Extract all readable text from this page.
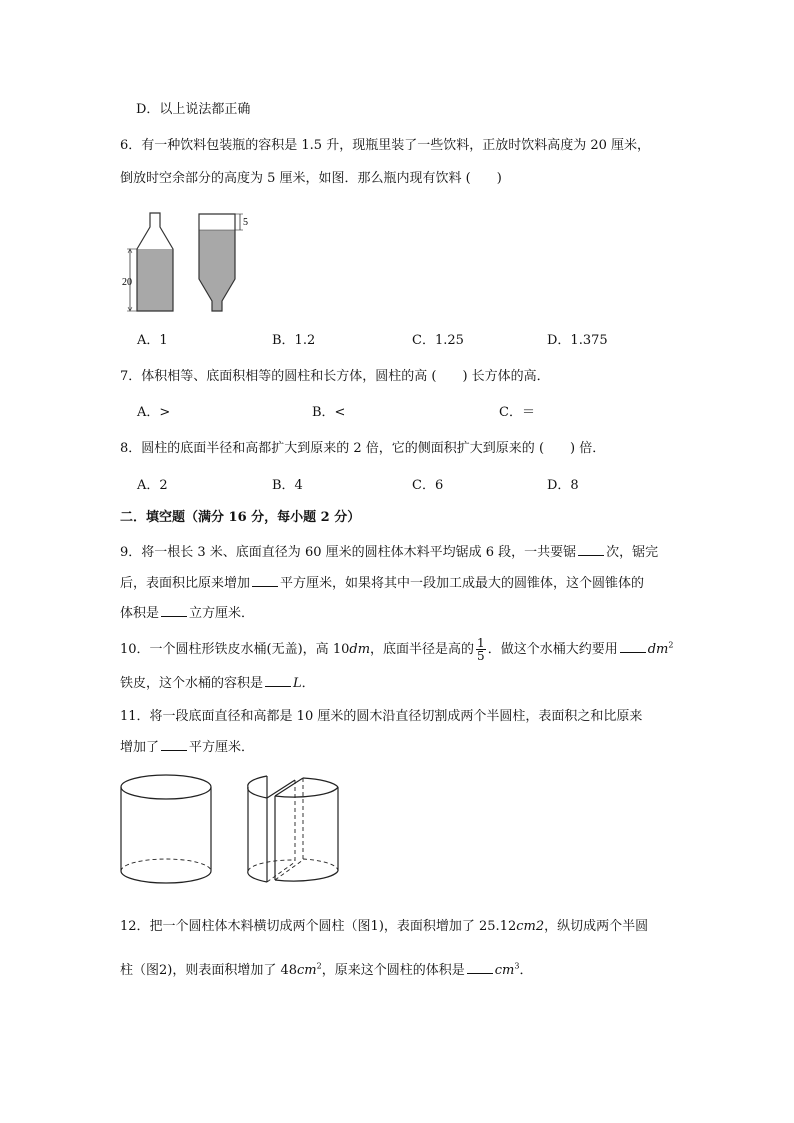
D．以上说法都正确
6．有一种饮料包装瓶的容积是 1.5 升，现瓶里装了一些饮料，正放时饮料高度为 20 厘米，
倒放时空余部分的高度为 5 厘米，如图．那么瓶内现有饮料 (　　)
20
5
A．1	B．1.2	C．1.25	D．1.375
7．体积相等、底面积相等的圆柱和长方体，圆柱的高 (　　) 长方体的高．
A．>	B．<	C．＝
8．圆柱的底面半径和高都扩大到原来的 2 倍，它的侧面积扩大到原来的 (　　) 倍．
A．2	B．4	C．6	D．8
二．填空题（满分 16 分，每小题 2 分）
9．将一根长 3 米、底面直径为 60 厘米的圆柱体木料平均锯成 6 段，一共要锯 次，锯完
后，表面积比原来增加 平方厘米，如果将其中一段加工成最大的圆锥体，这个圆锥体的
体积是 立方厘米．
10．一个圆柱形铁皮水桶(无盖)，高 10dm，底面半径是高的 $\frac{1}{5}$ ．做这个水桶大约要用 $dm^2$
铁皮，这个水桶的容积是 L．
11．将一段底面直径和高都是 10 厘米的圆木沿直径切割成两个半圆柱，表面积之和比原来
增加了 平方厘米．
12．把一个圆柱体木料横切成两个圆柱（图1)，表面积增加了 25.12cm2，纵切成两个半圆
柱（图2)，则表面积增加了 $48cm^2$，原来这个圆柱的体积是 $cm^3$．
